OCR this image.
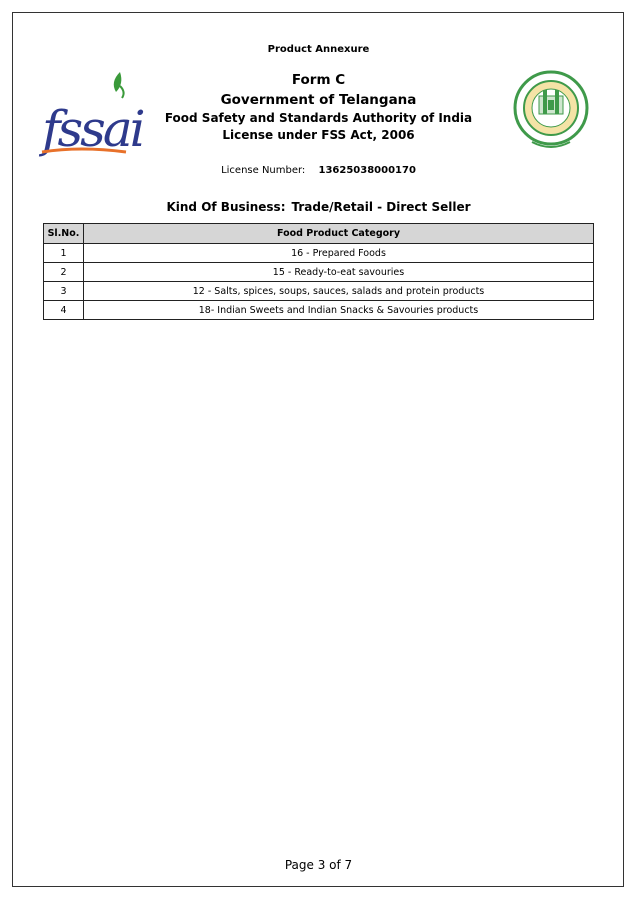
Product Annexure
fssai
Form C
Government of Telangana
Food Safety and Standards Authority of India
License under FSS Act, 2006
License Number: 13625038000170
Kind Of Business: Trade/Retail - Direct Seller
Sl.No.	Food Product Category
1	16 - Prepared Foods
2	15 - Ready-to-eat savouries
3	12 - Salts, spices, soups, sauces, salads and protein products
4	18- Indian Sweets and Indian Snacks & Savouries products
Page 3 of 7
